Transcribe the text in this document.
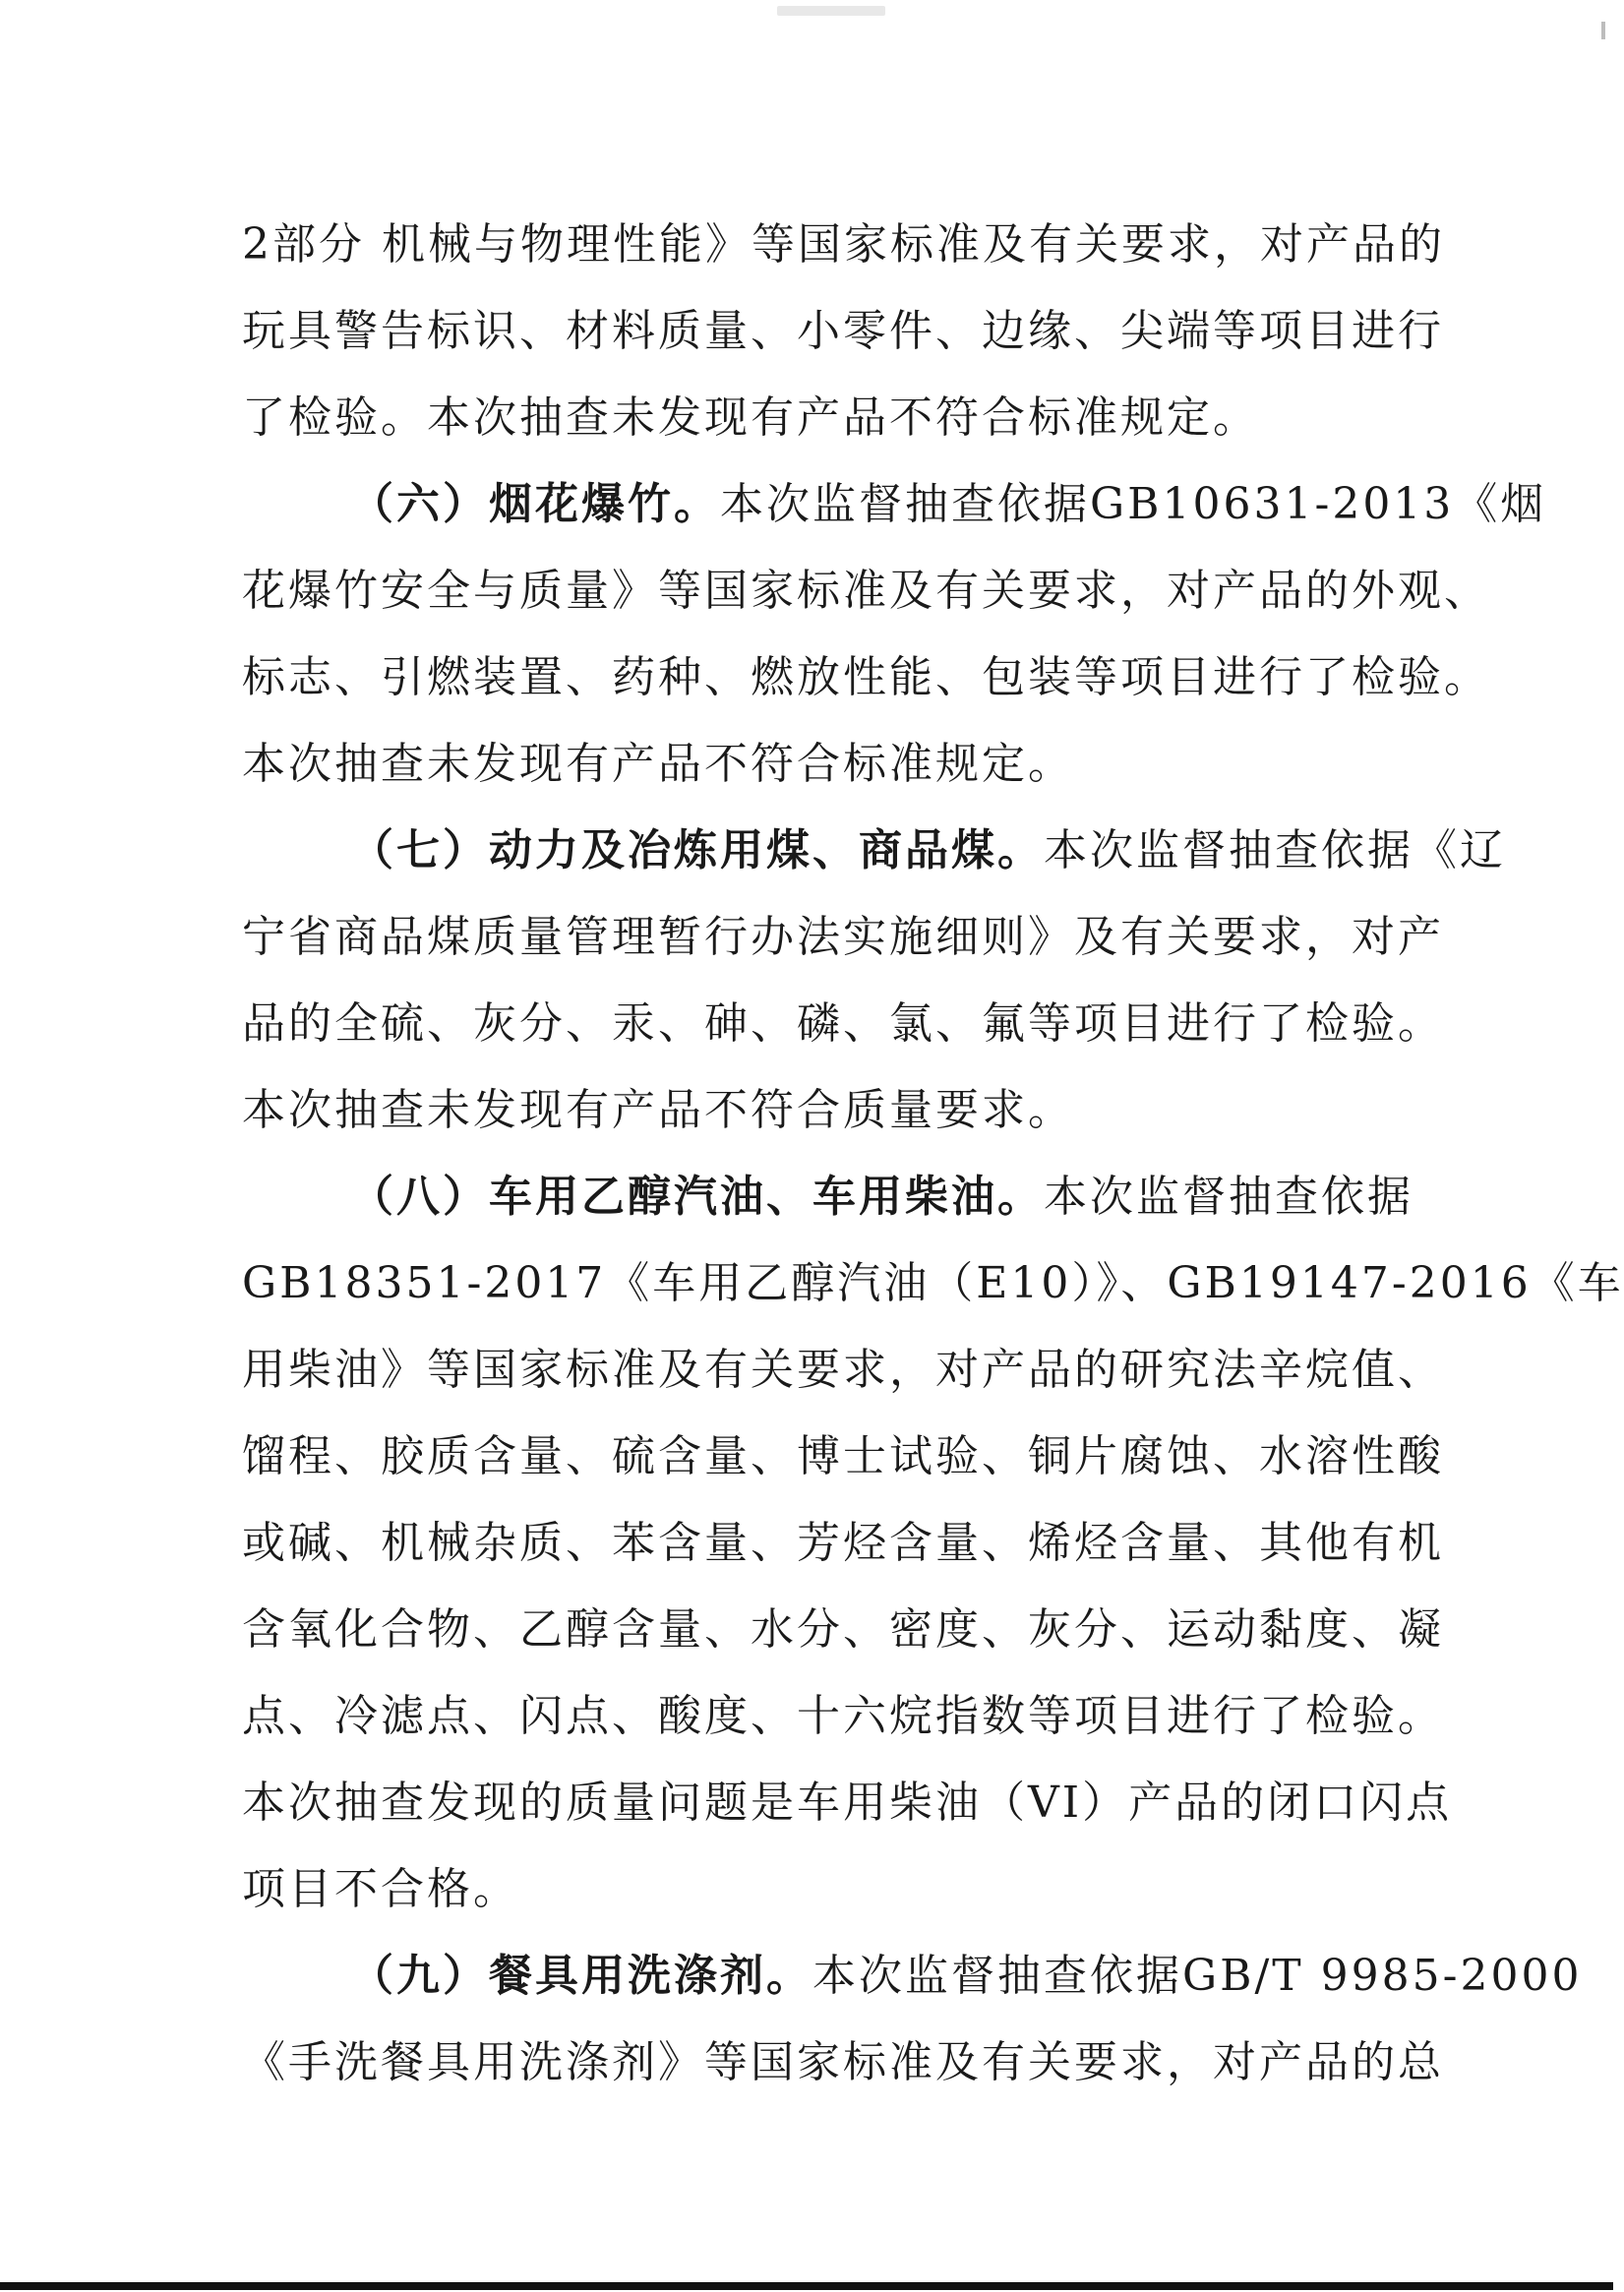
2部分 机械与物理性能》等国家标准及有关要求，对产品的
玩具警告标识、材料质量、小零件、边缘、尖端等项目进行
了检验。本次抽查未发现有产品不符合标准规定。
（六）烟花爆竹。本次监督抽查依据GB10631-2013《烟
花爆竹安全与质量》等国家标准及有关要求，对产品的外观、
标志、引燃装置、药种、燃放性能、包装等项目进行了检验。
本次抽查未发现有产品不符合标准规定。
（七）动力及冶炼用煤、商品煤。本次监督抽查依据《辽
宁省商品煤质量管理暂行办法实施细则》及有关要求，对产
品的全硫、灰分、汞、砷、磷、氯、氟等项目进行了检验。
本次抽查未发现有产品不符合质量要求。
（八）车用乙醇汽油、车用柴油。本次监督抽查依据
GB18351-2017《车用乙醇汽油（E10）》、GB19147-2016《车
用柴油》等国家标准及有关要求，对产品的研究法辛烷值、
馏程、胶质含量、硫含量、博士试验、铜片腐蚀、水溶性酸
或碱、机械杂质、苯含量、芳烃含量、烯烃含量、其他有机
含氧化合物、乙醇含量、水分、密度、灰分、运动黏度、凝
点、冷滤点、闪点、酸度、十六烷指数等项目进行了检验。
本次抽查发现的质量问题是车用柴油（VI）产品的闭口闪点
项目不合格。
（九）餐具用洗涤剂。本次监督抽查依据GB/T 9985-2000
《手洗餐具用洗涤剂》等国家标准及有关要求，对产品的总
